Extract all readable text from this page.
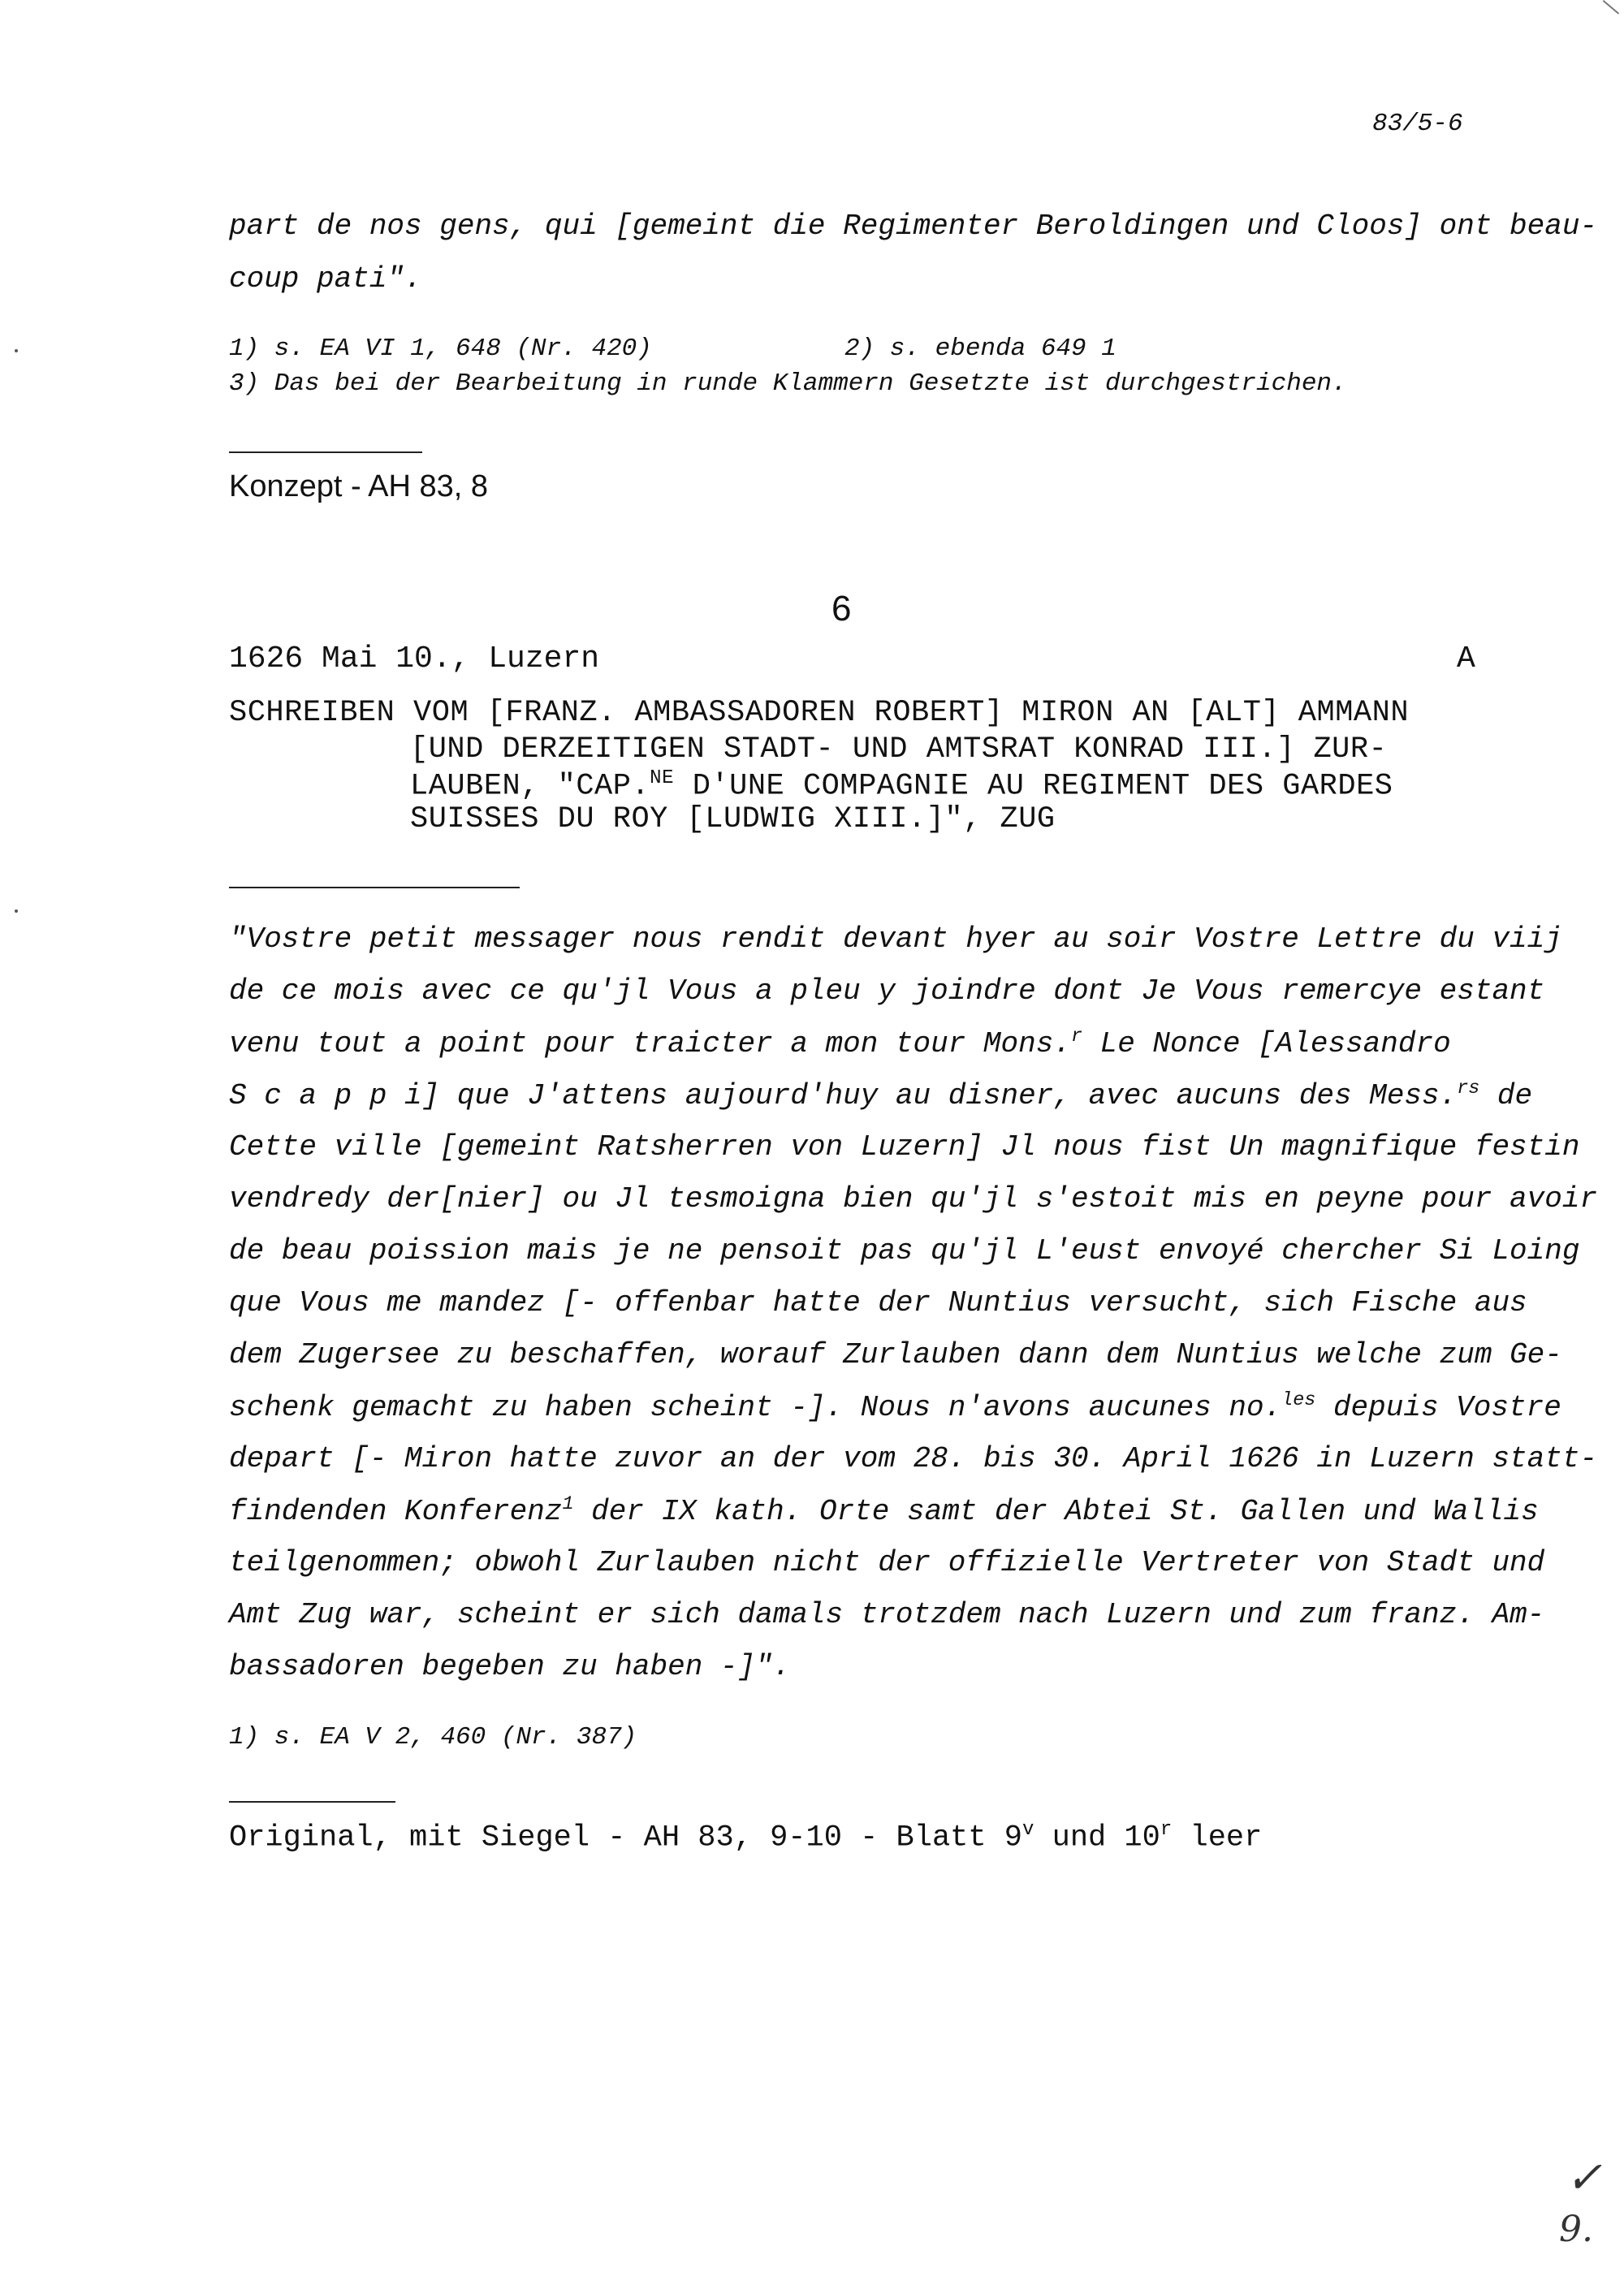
83/5-6
part de nos gens, qui [gemeint die Regimenter Beroldingen und Cloos] ont beau-
coup pati".
1) s. EA VI 1, 648 (Nr. 420)	2) s. ebenda 649 1
3) Das bei der Bearbeitung in runde Klammern Gesetzte ist durchgestrichen.
Konzept - AH 83, 8
6
1626 Mai 10., Luzern	A
SCHREIBEN VOM [FRANZ. AMBASSADOREN ROBERT] MIRON AN [ALT] AMMANN
[UND DERZEITIGEN STADT- UND AMTSRAT KONRAD III.] ZUR-
LAUBEN, "CAP.$^{NE}$ D'UNE COMPAGNIE AU REGIMENT DES GARDES
SUISSES DU ROY [LUDWIG XIII.]", ZUG
"Vostre petit messager nous rendit devant hyer au soir Vostre Lettre du viij
de ce mois avec ce qu'jl Vous a pleu y joindre dont Je Vous remercye estant
venu tout a point pour traicter a mon tour Mons.$^r$ Le Nonce [Alessandro
S c a p p i] que J'attens aujourd'huy au disner, avec aucuns des Mess.$^{rs}$ de
Cette ville [gemeint Ratsherren von Luzern] Jl nous fist Un magnifique festin
vendredy der[nier] ou Jl tesmoigna bien qu'jl s'estoit mis en peyne pour avoir
de beau poission mais je ne pensoit pas qu'jl L'eust envoyé chercher Si Loing
que Vous me mandez [- offenbar hatte der Nuntius versucht, sich Fische aus
dem Zugersee zu beschaffen, worauf Zurlauben dann dem Nuntius welche zum Ge-
schenk gemacht zu haben scheint -]. Nous n'avons aucunes no.$^{les}$ depuis Vostre
depart [- Miron hatte zuvor an der vom 28. bis 30. April 1626 in Luzern statt-
findenden Konferenz$^1$ der IX kath. Orte samt der Abtei St. Gallen und Wallis
teilgenommen; obwohl Zurlauben nicht der offizielle Vertreter von Stadt und
Amt Zug war, scheint er sich damals trotzdem nach Luzern und zum franz. Am-
bassadoren begeben zu haben -]".
1) s. EA V 2, 460 (Nr. 387)
Original, mit Siegel - AH 83, 9-10 - Blatt 9$^v$ und 10$^r$ leer
✓
9.
